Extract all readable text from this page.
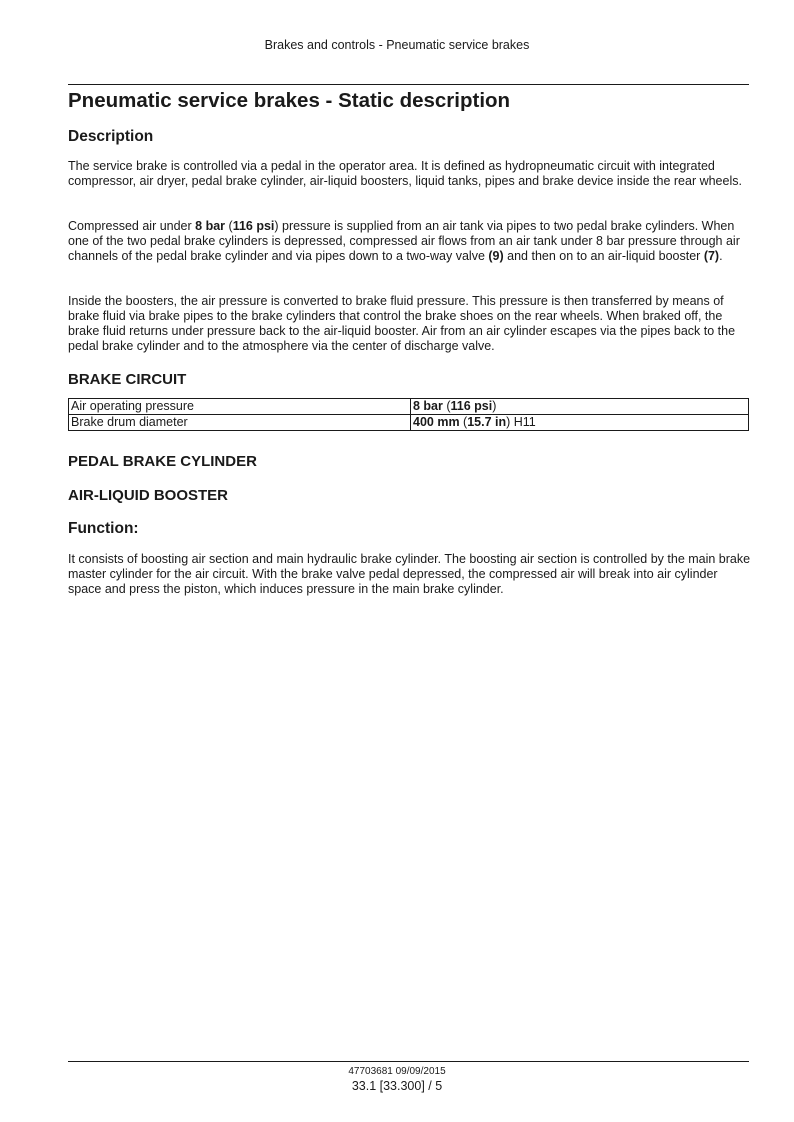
Brakes and controls - Pneumatic service brakes
Pneumatic service brakes - Static description
Description

The service brake is controlled via a pedal in the operator area. It is defined as hydropneumatic circuit with integrated compressor, air dryer, pedal brake cylinder, air-liquid boosters, liquid tanks, pipes and brake device inside the rear wheels.

Compressed air under 8 bar (116 psi) pressure is supplied from an air tank via pipes to two pedal brake cylinders. When one of the two pedal brake cylinders is depressed, compressed air flows from an air tank under 8 bar pressure through air channels of the pedal brake cylinder and via pipes down to a two-way valve (9) and then on to an air-liquid booster (7).

Inside the boosters, the air pressure is converted to brake fluid pressure. This pressure is then transferred by means of brake fluid via brake pipes to the brake cylinders that control the brake shoes on the rear wheels. When braked off, the brake fluid returns under pressure back to the air-liquid booster. Air from an air cylinder escapes via the pipes back to the pedal brake cylinder and to the atmosphere via the center of discharge valve.

BRAKE CIRCUIT
Air operating pressure	8 bar (116 psi)
Brake drum diameter	400 mm (15.7 in) H11
PEDAL BRAKE CYLINDER
AIR-LIQUID BOOSTER
Function:

It consists of boosting air section and main hydraulic brake cylinder. The boosting air section is controlled by the main brake master cylinder for the air circuit. With the brake valve pedal depressed, the compressed air will break into air cylinder space and press the piston, which induces pressure in the main brake cylinder.

47703681 09/09/2015
33.1 [33.300] / 5
